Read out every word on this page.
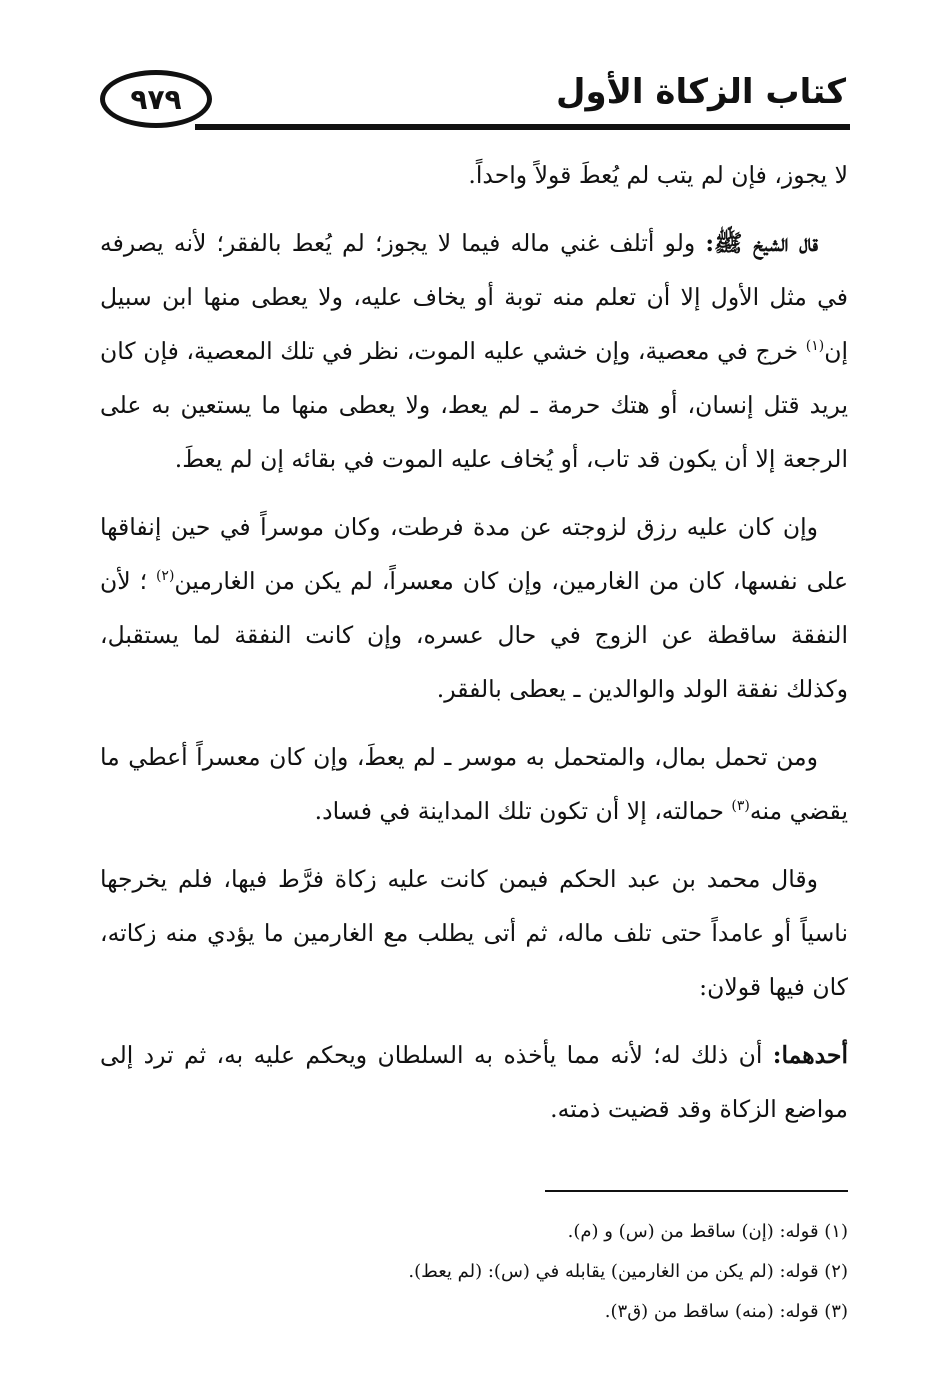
٩٧٩	كتاب الزكاة الأول

لا يجوز، فإن لم يتب لم يُعطَ قولاً واحداً.

قال الشيخ ﷺ: ولو أتلف غني ماله فيما لا يجوز؛ لم يُعط بالفقر؛ لأنه يصرفه في مثل الأول إلا أن تعلم منه توبة أو يخاف عليه، ولا يعطى منها ابن سبيل إن$^{(١)}$ خرج في معصية، وإن خشي عليه الموت، نظر في تلك المعصية، فإن كان يريد قتل إنسان، أو هتك حرمة ـ لم يعط، ولا يعطى منها ما يستعين به على الرجعة إلا أن يكون قد تاب، أو يُخاف عليه الموت في بقائه إن لم يعطَ.

وإن كان عليه رزق لزوجته عن مدة فرطت، وكان موسراً في حين إنفاقها على نفسها، كان من الغارمين، وإن كان معسراً، لم يكن من الغارمين$^{(٢)}$ ؛ لأن النفقة ساقطة عن الزوج في حال عسره، وإن كانت النفقة لما يستقبل، وكذلك نفقة الولد والوالدين ـ يعطى بالفقر.

ومن تحمل بمال، والمتحمل به موسر ـ لم يعطَ، وإن كان معسراً أعطي ما يقضي منه$^{(٣)}$ حمالته، إلا أن تكون تلك المداينة في فساد.

وقال محمد بن عبد الحكم فيمن كانت عليه زكاة فرَّط فيها، فلم يخرجها ناسياً أو عامداً حتى تلف ماله، ثم أتى يطلب مع الغارمين ما يؤدي منه زكاته، كان فيها قولان:

أحدهما: أن ذلك له؛ لأنه مما يأخذه به السلطان ويحكم عليه به، ثم ترد إلى مواضع الزكاة وقد قضيت ذمته.

(١) قوله: (إن) ساقط من (س) و (م).

(٢) قوله: (لم يكن من الغارمين) يقابله في (س): (لم يعط).

(٣) قوله: (منه) ساقط من (ق٣).
